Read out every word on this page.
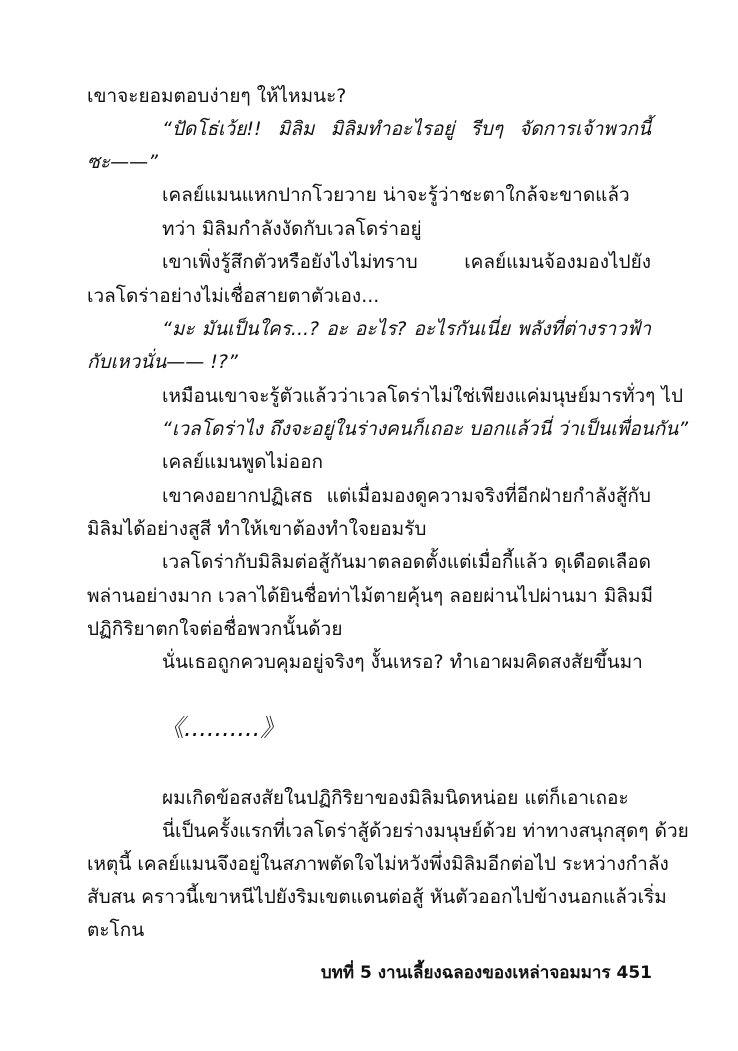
เขาจะยอมตอบง่ายๆ ให้ไหมนะ?
“ปัดโธ่เว้ย!! มิลิม มิลิมทำอะไรอยู่ รีบๆ จัดการเจ้าพวกนี้
ซะ——”
เคลย์แมนแหกปากโวยวาย น่าจะรู้ว่าชะตาใกล้จะขาดแล้ว
ทว่า มิลิมกำลังงัดกับเวลโดร่าอยู่
เขาเพิ่งรู้สึกตัวหรือยังไงไม่ทราบ เคลย์แมนจ้องมองไปยัง
เวลโดร่าอย่างไม่เชื่อสายตาตัวเอง...
“มะ มันเป็นใคร...? อะ อะไร? อะไรกันเนี่ย พลังที่ต่างราวฟ้า
กับเหวนั่น—— !?”
เหมือนเขาจะรู้ตัวแล้วว่าเวลโดร่าไม่ใช่เพียงแค่มนุษย์มารทั่วๆ ไป
“เวลโดร่าไง ถึงจะอยู่ในร่างคนก็เถอะ บอกแล้วนี่ ว่าเป็นเพื่อนกัน”
เคลย์แมนพูดไม่ออก
เขาคงอยากปฏิเสธ แต่เมื่อมองดูความจริงที่อีกฝ่ายกำลังสู้กับ
มิลิมได้อย่างสูสี ทำให้เขาต้องทำใจยอมรับ
เวลโดร่ากับมิลิมต่อสู้กันมาตลอดตั้งแต่เมื่อกี้แล้ว ดุเดือดเลือด
พล่านอย่างมาก เวลาได้ยินชื่อท่าไม้ตายคุ้นๆ ลอยผ่านไปผ่านมา มิลิมมี
ปฏิกิริยาตกใจต่อชื่อพวกนั้นด้วย
นั่นเธอถูกควบคุมอยู่จริงๆ งั้นเหรอ? ทำเอาผมคิดสงสัยขึ้นมา
《..........》
ผมเกิดข้อสงสัยในปฏิกิริยาของมิลิมนิดหน่อย แต่ก็เอาเถอะ
นี่เป็นครั้งแรกที่เวลโดร่าสู้ด้วยร่างมนุษย์ด้วย ท่าทางสนุกสุดๆ ด้วย
เหตุนี้ เคลย์แมนจึงอยู่ในสภาพตัดใจไม่หวังพึ่งมิลิมอีกต่อไป ระหว่างกำลัง
สับสน คราวนี้เขาหนีไปยังริมเขตแดนต่อสู้ หันตัวออกไปข้างนอกแล้วเริ่ม
ตะโกน
บทที่ 5 งานเลี้ยงฉลองของเหล่าจอมมาร 451
